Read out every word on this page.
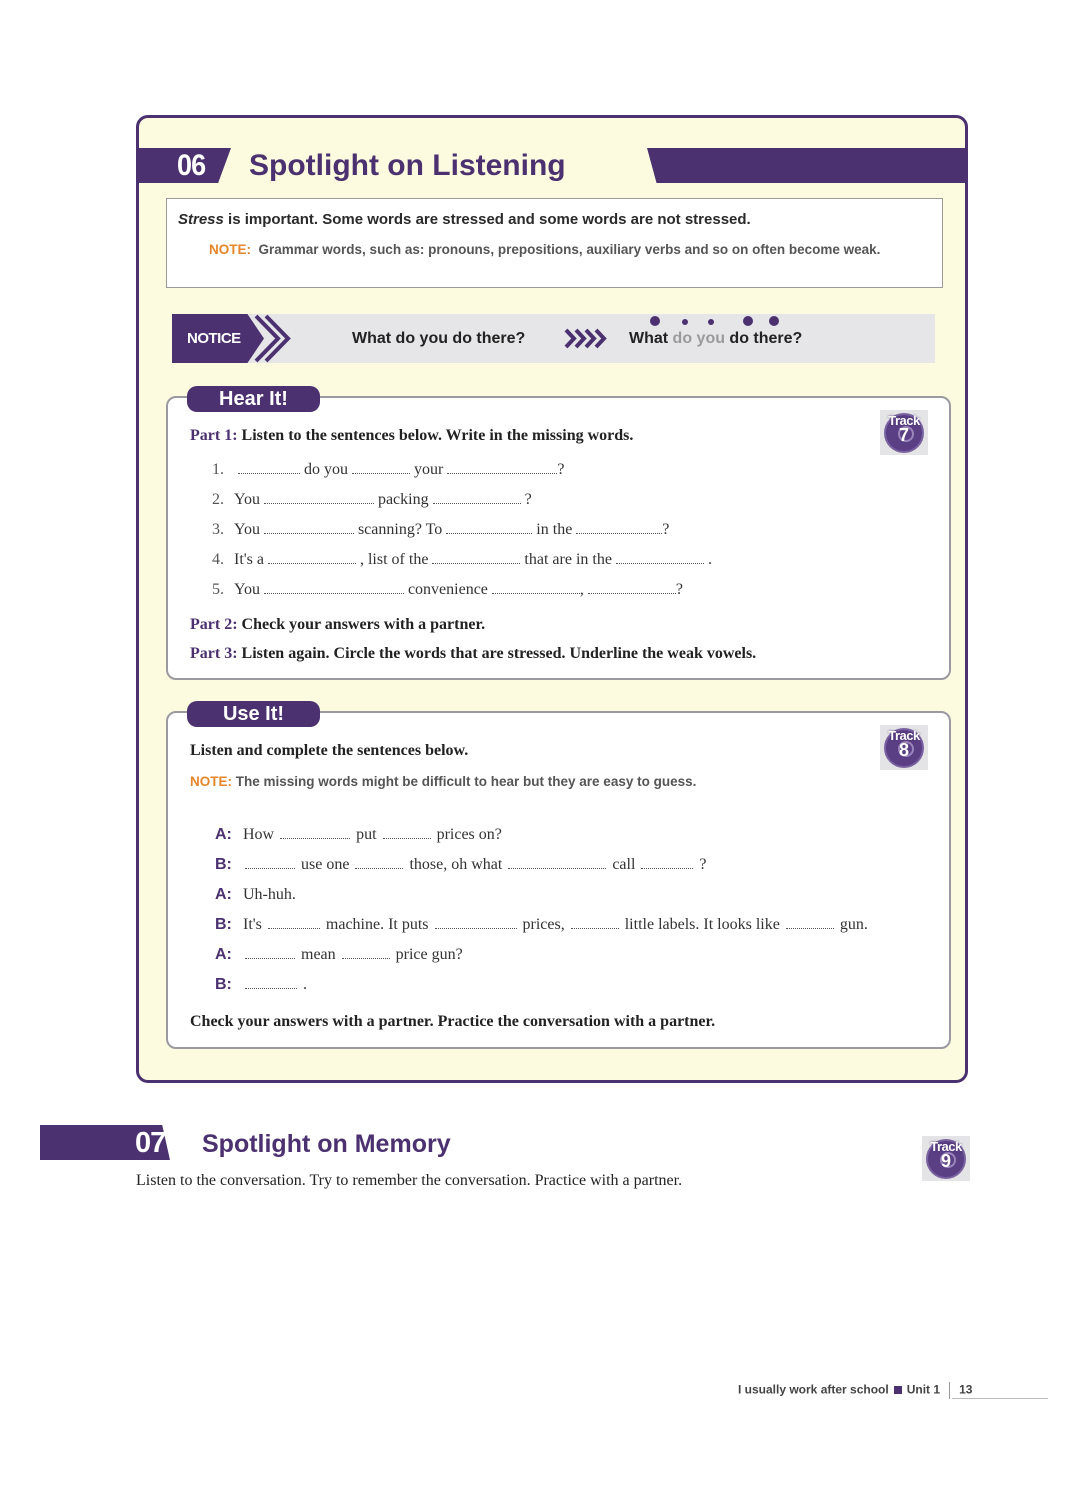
06 Spotlight on Listening
Stress is important. Some words are stressed and some words are not stressed.
NOTE: Grammar words, such as: pronouns, prepositions, auxiliary verbs and so on often become weak.
NOTICE	What do you do there?	What do you do there?
Hear It!
Track
7
Part 1: Listen to the sentences below. Write in the missing words.
1.	do you	your	?
2. You	packing	?
3. You	scanning? To	in the	?
4. It's a	, list of the	that are in the	.
5. You	convenience	,	?
Part 2: Check your answers with a partner.
Part 3: Listen again. Circle the words that are stressed. Underline the weak vowels.
Use It!
Track
8
Listen and complete the sentences below.
NOTE: The missing words might be difficult to hear but they are easy to guess.
A: How	put	prices on?
B:	use one	those, oh what	call	?
A: Uh-huh.
B: It's	machine. It puts	prices,	little labels. It looks like	gun.
A:	mean	price gun?
B:	.
Check your answers with a partner. Practice the conversation with a partner.
07 Spotlight on Memory	Track
9
Listen to the conversation. Try to remember the conversation. Practice with a partner.
I usually work after school Unit 1 13
